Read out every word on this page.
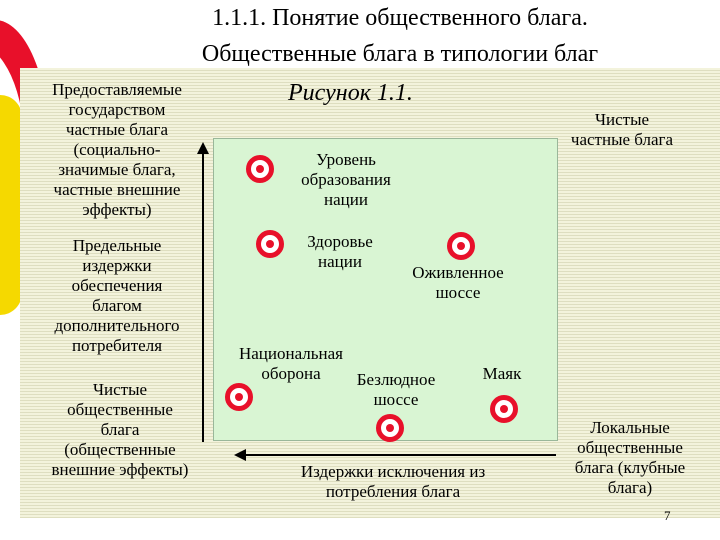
1.1.1. Понятие общественного блага.
Общественные блага в типологии благ
Рисунок 1.1.
Предоставляемые
государством
частные блага
(социально-
значимые блага,
частные внешние
эффекты)
Предельные
издержки
обеспечения
благом
дополнительного
потребителя
Чистые
общественные
блага
(общественные
внешние эффекты)
Чистые
частные блага
Локальные
общественные
блага (клубные
блага)
Уровень
образования
нации
Здоровье
нации
Оживленное
шоссе
Национальная
оборона	Безлюдное
шоссе
Маяк
Издержки исключения из
потребления блага
7
